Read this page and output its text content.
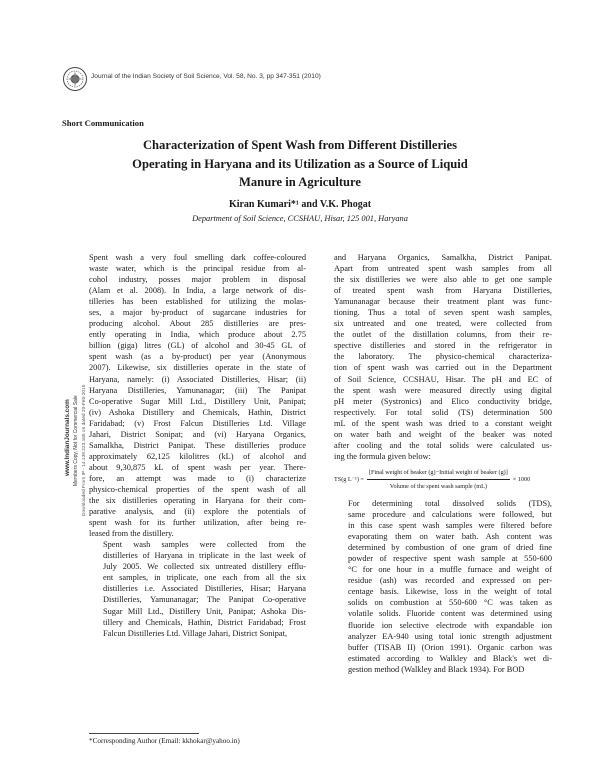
Journal of the Indian Society of Soil Science, Vol. 58, No. 3, pp 347-351 (2010)
Short Communication
Characterization of Spent Wash from Different Distilleries
Operating in Haryana and its Utilization as a Source of Liquid
Manure in Agriculture
Kiran Kumari*¹ and V.K. Phogat
Department of Soil Science, CCSHAU, Hisar, 125 001, Haryana
www.IndianJournals.com Members Copy, Not for Commercial Sale Downloaded From IP - 14.139.223.165 on dated 20-Feb-2015

Spent wash a very foul smelling dark coffee-coloured
waste water, which is the principal residue from al-
cohol industry, posses major problem in disposal
(Alam et al. 2008). In India, a large network of dis-
tilleries has been established for utilizing the molas-
ses, a major by-product of sugarcane industries for
producing alcohol. About 285 distilleries are pres-
ently operating in India, which produce about 2.75
billion (giga) litres (GL) of alcohol and 30-45 GL of
spent wash (as a by-product) per year (Anonymous
2007). Likewise, six distilleries operate in the state of
Haryana, namely: (i) Associated Distilleries, Hisar; (ii)
Haryana Distilleries, Yamunanagar; (iii) The Panipat
Co-operative Sugar Mill Ltd., Distillery Unit, Panipat;
(iv) Ashoka Distillery and Chemicals, Hathin, District
Faridabad; (v) Frost Falcun Distilleries Ltd. Village
Jahari, District Sonipat; and (vi) Haryana Organics,
Samalkha, District Panipat. These distilleries produce
approximately 62,125 kilolitres (kL) of alcohol and
about 9,30,875 kL of spent wash per year. There-
fore, an attempt was made to (i) characterize
physico-chemical properties of the spent wash of all
the six distilleries operating in Haryana for their com-
parative analysis, and (ii) explore the potentials of
spent wash for its further utilization, after being re-
leased from the distillery.

Spent wash samples were collected from the
distilleries of Haryana in triplicate in the last week of
July 2005. We collected six untreated distillery efflu-
ent samples, in triplicate, one each from all the six
distilleries i.e. Associated Distilleries, Hisar; Haryana
Distilleries, Yamunanagar; The Panipat Co-operative
Sugar Mill Ltd., Distillery Unit, Panipat; Ashoka Dis-
tillery and Chemicals, Hathin, District Faridabad; Frost
Falcun Distilleries Ltd. Village Jahari, District Sonipat,

and Haryana Organics, Samalkha, District Panipat.
Apart from untreated spent wash samples from all
the six distilleries we were also able to get one sample
of treated spent wash from Haryana Distilleries,
Yamunanagar because their treatment plant was func-
tioning. Thus a total of seven spent wash samples,
six untreated and one treated, were collected from
the outlet of the distillation columns, from their re-
spective distilleries and stored in the refrigerator in
the laboratory. The physico-chemical characteriza-
tion of spent wash was carried out in the Department
of Soil Science, CCSHAU, Hisar. The pH and EC of
the spent wash were measured directly using digital
pH meter (Systronics) and Elico conductivity bridge,
respectively. For total solid (TS) determination 500
mL of the spent wash was dried to a constant weight
on water bath and weight of the beaker was noted
after cooling and the total solids were calculated us-
ing the formula given below:

TS(g $L^{-1}) = \frac{\text{[Final weight of beaker (g)−Initial weight of beaker (g)]}}{\text{Volume of the spent wash sample (mL)}} \times 1000$

For determining total dissolved solids (TDS),
same procedure and calculations were followed, but
in this case spent wash samples were filtered before
evaporating them on water bath. Ash content was
determined by combustion of one gram of dried fine
powder of respective spent wash sample at 550-600
°C for one hour in a muffle furnace and weight of
residue (ash) was recorded and expressed on per-
centage basis. Likewise, loss in the weight of total
solids on combustion at 550-600 °C was taken as
volatile solids. Fluoride content was determined using
fluoride ion selective electrode with expandable ion
analyzer EA-940 using total ionic strength adjustment
buffer (TISAB II) (Orion 1991). Organic carbon was
estimated according to Walkley and Black's wet di-
gestion method (Walkley and Black 1934). For BOD

*Corresponding Author (Email: kkhokar@yahoo.in)
